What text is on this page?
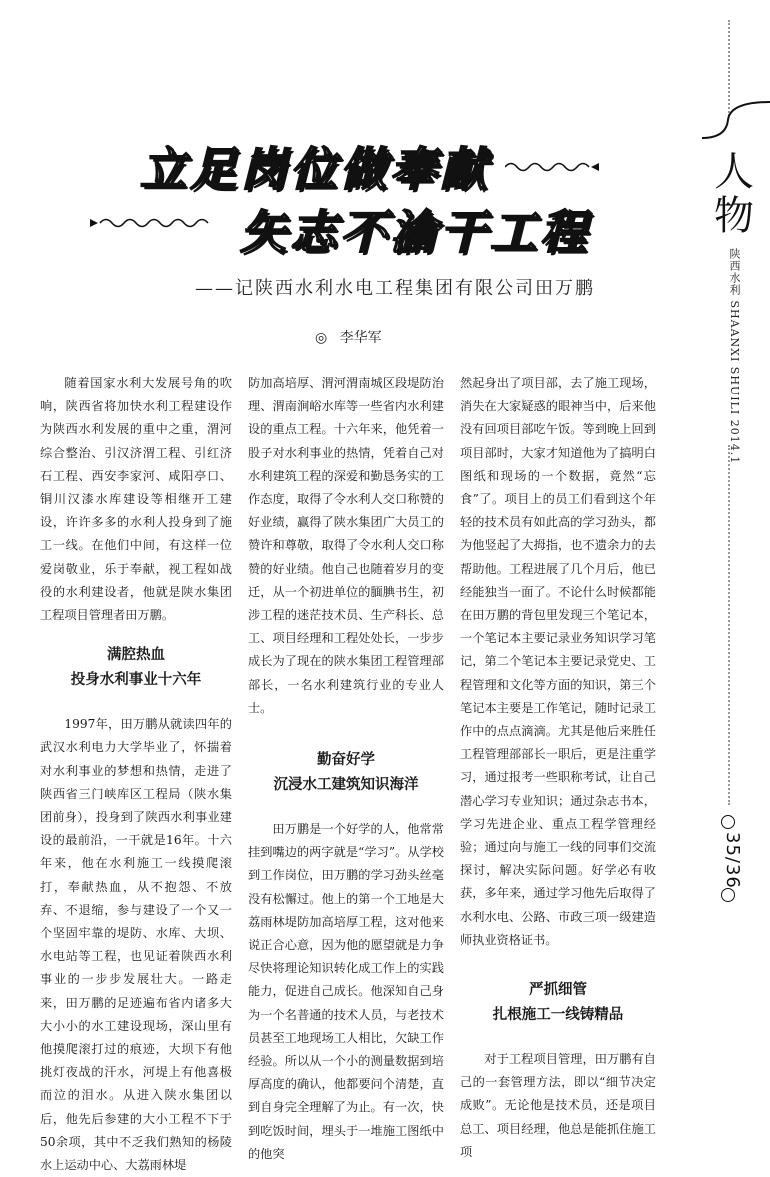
立足岗位做奉献
矢志不渝干工程
——记陕西水利水电工程集团有限公司田万鹏
◎ 李华军

随着国家水利大发展号角的吹响，陕西省将加快水利工程建设作为陕西水利发展的重中之重，渭河综合整治、引汉济渭工程、引红济石工程、西安李家河、咸阳亭口、铜川汉漆水库建设等相继开工建设，许许多多的水利人投身到了施工一线。在他们中间，有这样一位爱岗敬业，乐于奉献，视工程如战役的水利建设者，他就是陕水集团工程项目管理者田万鹏。

满腔热血
投身水利事业十六年

1997年，田万鹏从就读四年的武汉水利电力大学毕业了，怀揣着对水利事业的梦想和热情，走进了陕西省三门峡库区工程局（陕水集团前身），投身到了陕西水利事业建设的最前沿，一干就是16年。十六年来，他在水利施工一线摸爬滚打，奉献热血，从不抱怨、不放弃、不退缩，参与建设了一个又一个坚固牢靠的堤防、水库、大坝、水电站等工程，也见证着陕西水利事业的一步步发展壮大。一路走来，田万鹏的足迹遍布省内诸多大大小小的水工建设现场，深山里有他摸爬滚打过的痕迹，大坝下有他挑灯夜战的汗水，河堤上有他喜极而泣的泪水。从进入陕水集团以后，他先后参建的大小工程不下于50余项，其中不乏我们熟知的杨陵水上运动中心、大荔雨林堤

防加高培厚、渭河渭南城区段堤防治理、渭南涧峪水库等一些省内水利建设的重点工程。十六年来，他凭着一股子对水利事业的热情，凭着自己对水利建筑工程的深爱和勤恳务实的工作态度，取得了令水利人交口称赞的好业绩，赢得了陕水集团广大员工的赞许和尊敬，取得了令水利人交口称赞的好业绩。他自己也随着岁月的变迁，从一个初进单位的腼腆书生，初涉工程的迷茫技术员、生产科长、总工、项目经理和工程处处长，一步步成长为了现在的陕水集团工程管理部部长，一名水利建筑行业的专业人士。

勤奋好学
沉浸水工建筑知识海洋

田万鹏是一个好学的人，他常常挂到嘴边的两字就是“学习”。从学校到工作岗位，田万鹏的学习劲头丝毫没有松懈过。他上的第一个工地是大荔雨林堤防加高培厚工程，这对他来说正合心意，因为他的愿望就是力争尽快将理论知识转化成工作上的实践能力，促进自己成长。他深知自己身为一个名普通的技术人员，与老技术员甚至工地现场工人相比，欠缺工作经验。所以从一个小的测量数据到培厚高度的确认，他都要问个清楚，直到自身完全理解了为止。有一次，快到吃饭时间，埋头于一堆施工图纸中的他突

然起身出了项目部，去了施工现场，消失在大家疑惑的眼神当中，后来他没有回项目部吃午饭。等到晚上回到项目部时，大家才知道他为了搞明白图纸和现场的一个数据，竟然“忘食”了。项目上的员工们看到这个年轻的技术员有如此高的学习劲头，都为他竖起了大拇指，也不遗余力的去帮助他。工程进展了几个月后，他已经能独当一面了。不论什么时候都能在田万鹏的背包里发现三个笔记本，一个笔记本主要记录业务知识学习笔记，第二个笔记本主要记录党史、工程管理和文化等方面的知识，第三个笔记本主要是工作笔记，随时记录工作中的点点滴滴。尤其是他后来胜任工程管理部部长一职后，更是注重学习，通过报考一些职称考试，让自己潜心学习专业知识；通过杂志书本，学习先进企业、重点工程学管理经验；通过向与施工一线的同事们交流探讨，解决实际问题。好学必有收获，多年来，通过学习他先后取得了水利水电、公路、市政三项一级建造师执业资格证书。

严抓细管
扎根施工一线铸精品

对于工程项目管理，田万鹏有自己的一套管理方法，即以“细节决定成败”。无论他是技术员，还是项目总工、项目经理，他总是能抓住施工项

人
物
陕西水利 SHAANXI SHUILI 2014.1
35/36
